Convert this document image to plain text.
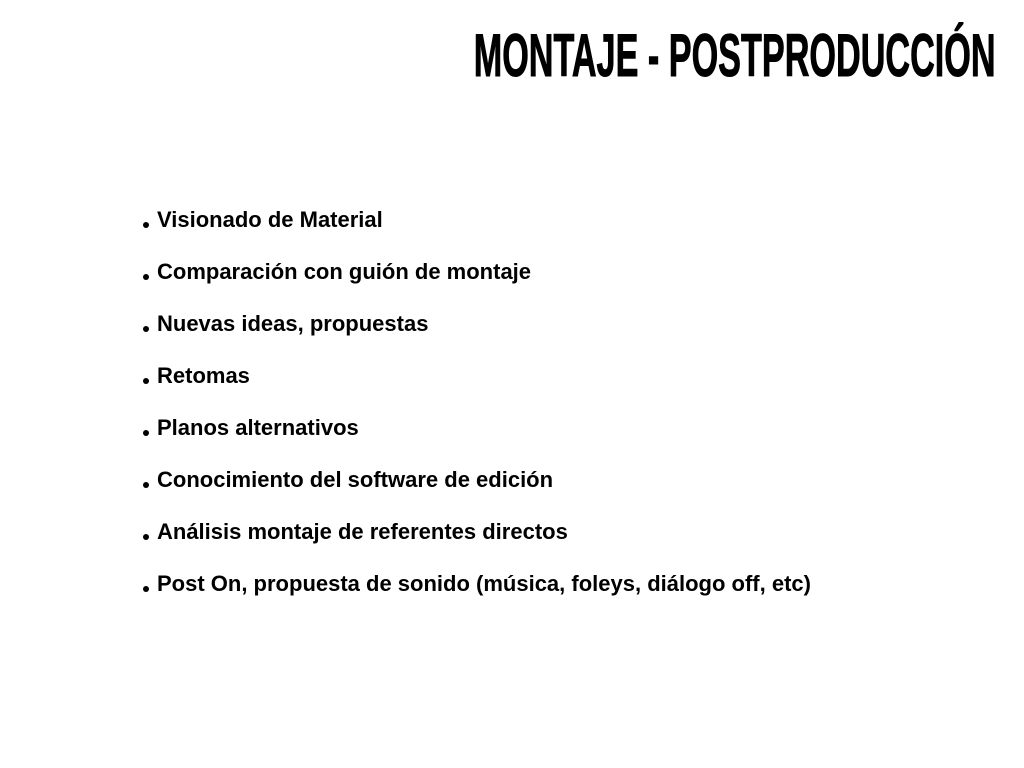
MONTAJE - POSTPRODUCCIÓN
Visionado de Material
Comparación con guión de montaje
Nuevas ideas, propuestas
Retomas
Planos alternativos
Conocimiento del software de edición
Análisis montaje de referentes directos
Post On, propuesta de sonido (música, foleys, diálogo off, etc)
